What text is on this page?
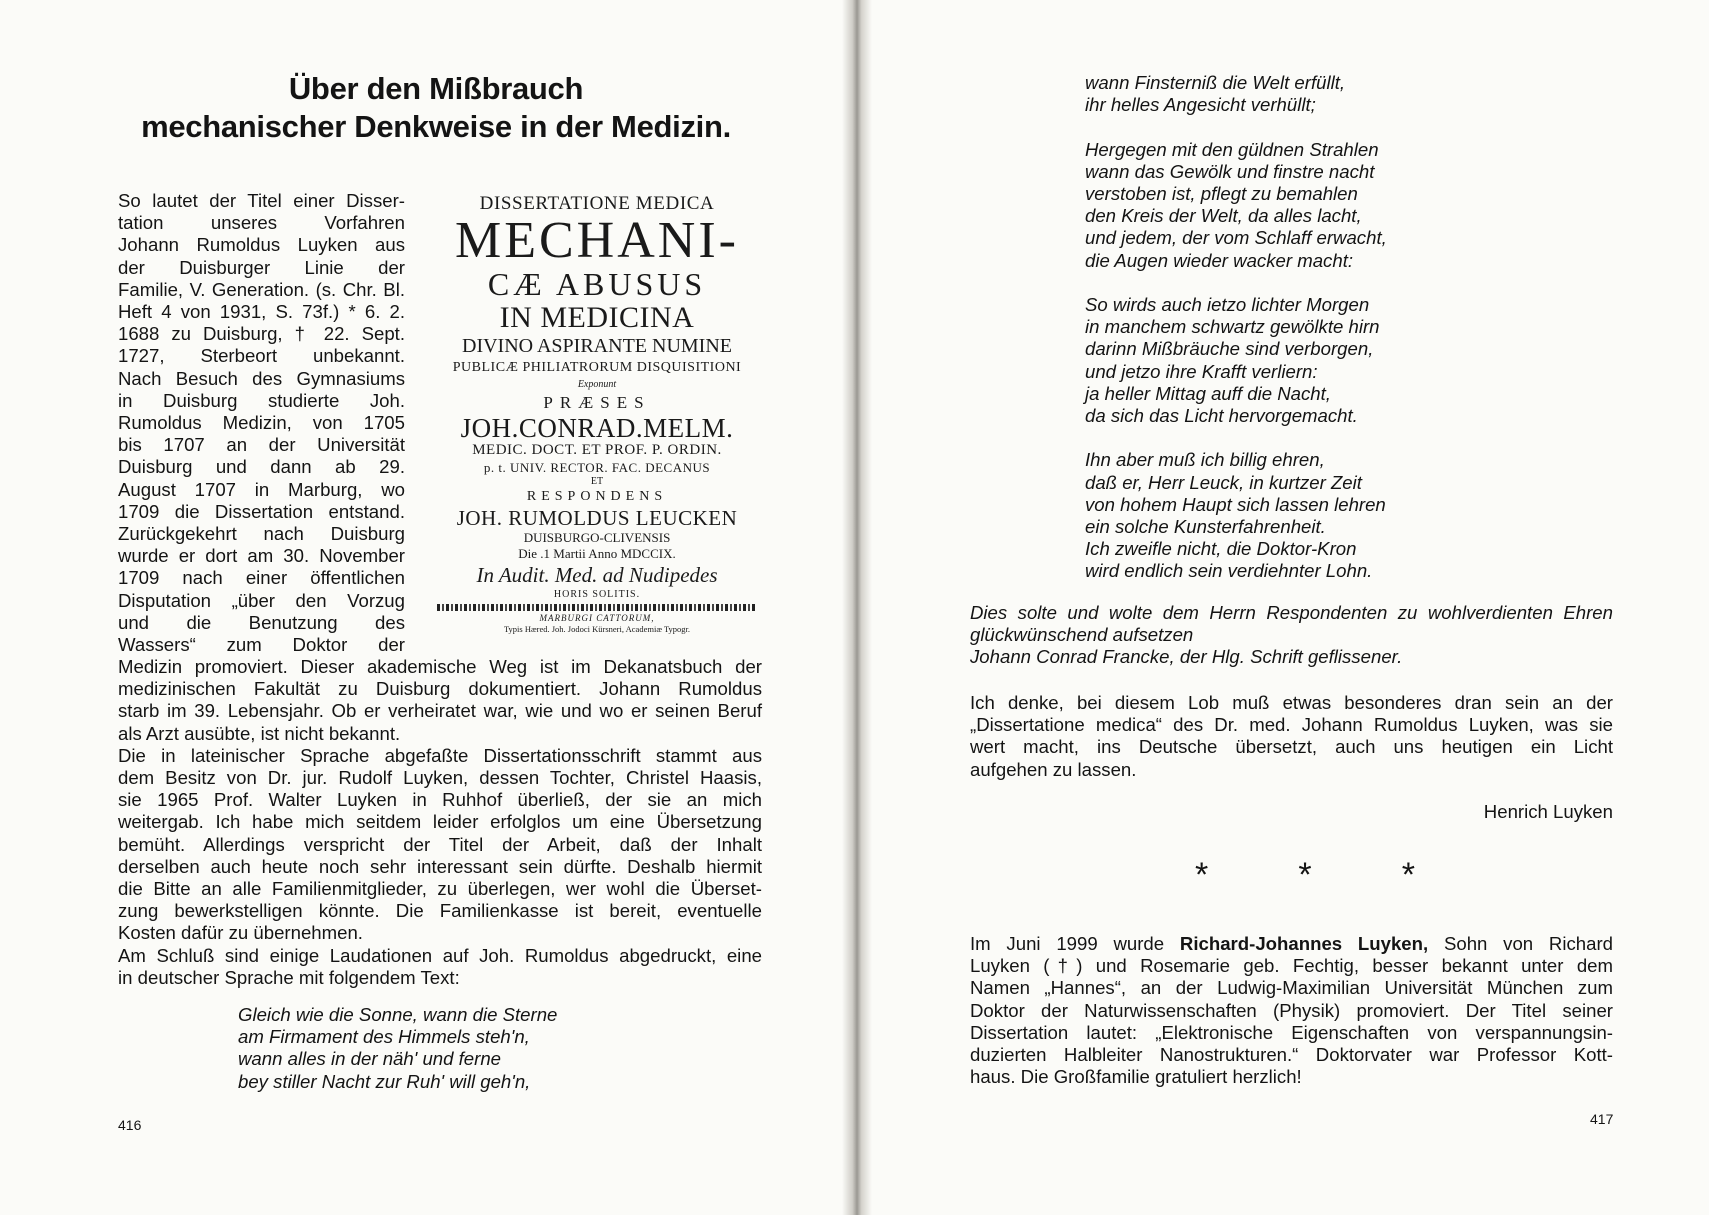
Über den Mißbrauch
mechanischer Denkweise in der Medizin.
So lautet der Titel einer Disser-
tation unseres Vorfahren
Johann Rumoldus Luyken aus
der Duisburger Linie der
Familie, V. Generation. (s. Chr. Bl.
Heft 4 von 1931, S. 73f.) * 6. 2.
1688 zu Duisburg, † 22. Sept.
1727, Sterbeort unbekannt.
Nach Besuch des Gymnasiums
in Duisburg studierte Joh.
Rumoldus Medizin, von 1705
bis 1707 an der Universität
Duisburg und dann ab 29.
August 1707 in Marburg, wo
1709 die Dissertation entstand.
Zurückgekehrt nach Duisburg
wurde er dort am 30. November
1709 nach einer öffentlichen
Disputation „über den Vorzug
und die Benutzung des
Wassers“ zum Doktor der
DISSERTATIONE MEDICA
MECHANI-
CÆ ABUSUS
IN MEDICINA
DIVINO ASPIRANTE NUMINE
PUBLICÆ PHILIATRORUM DISQUISITIONI
Exponunt
PRÆSES
JOH.CONRAD.MELM.
MEDIC. DOCT. ET PROF. P. ORDIN.
p. t. UNIV. RECTOR. FAC. DECANUS
ET
RESPONDENS
JOH. RUMOLDUS LEUCKEN
DUISBURGO-CLIVENSIS
Die .1 Martii Anno MDCCIX.
In Audit. Med. ad Nudipedes
HORIS SOLITIS.
MARBURGI CATTORUM,
Typis Hæred. Joh. Jodoci Kürsneri, Academiæ Typogr.
Medizin promoviert. Dieser akademische Weg ist im Dekanatsbuch der
medizinischen Fakultät zu Duisburg dokumentiert. Johann Rumoldus
starb im 39. Lebensjahr. Ob er verheiratet war, wie und wo er seinen Beruf
als Arzt ausübte, ist nicht bekannt.
Die in lateinischer Sprache abgefaßte Dissertationsschrift stammt aus
dem Besitz von Dr. jur. Rudolf Luyken, dessen Tochter, Christel Haasis,
sie 1965 Prof. Walter Luyken in Ruhhof überließ, der sie an mich
weitergab. Ich habe mich seitdem leider erfolglos um eine Übersetzung
bemüht. Allerdings verspricht der Titel der Arbeit, daß der Inhalt
derselben auch heute noch sehr interessant sein dürfte. Deshalb hiermit
die Bitte an alle Familienmitglieder, zu überlegen, wer wohl die Überset-
zung bewerkstelligen könnte. Die Familienkasse ist bereit, eventuelle
Kosten dafür zu übernehmen.
Am Schluß sind einige Laudationen auf Joh. Rumoldus abgedruckt, eine
in deutscher Sprache mit folgendem Text:
Gleich wie die Sonne, wann die Sterne
am Firmament des Himmels steh'n,
wann alles in der näh' und ferne
bey stiller Nacht zur Ruh' will geh'n,
416
wann Finsterniß die Welt erfüllt,
ihr helles Angesicht verhüllt;
Hergegen mit den güldnen Strahlen
wann das Gewölk und finstre nacht
verstoben ist, pflegt zu bemahlen
den Kreis der Welt, da alles lacht,
und jedem, der vom Schlaff erwacht,
die Augen wieder wacker macht:
So wirds auch ietzo lichter Morgen
in manchem schwartz gewölkte hirn
darinn Mißbräuche sind verborgen,
und jetzo ihre Krafft verliern:
ja heller Mittag auff die Nacht,
da sich das Licht hervorgemacht.
Ihn aber muß ich billig ehren,
daß er, Herr Leuck, in kurtzer Zeit
von hohem Haupt sich lassen lehren
ein solche Kunsterfahrenheit.
Ich zweifle nicht, die Doktor-Kron
wird endlich sein verdiehnter Lohn.
Dies solte und wolte dem Herrn Respondenten zu wohlverdienten Ehren
glückwünschend aufsetzen
Johann Conrad Francke, der Hlg. Schrift geflissener.
Ich denke, bei diesem Lob muß etwas besonderes dran sein an der
„Dissertatione medica“ des Dr. med. Johann Rumoldus Luyken, was sie
wert macht, ins Deutsche übersetzt, auch uns heutigen ein Licht
aufgehen zu lassen.
Henrich Luyken
*	*	*
Im Juni 1999 wurde Richard-Johannes Luyken, Sohn von Richard
Luyken (†) und Rosemarie geb. Fechtig, besser bekannt unter dem
Namen „Hannes“, an der Ludwig-Maximilian Universität München zum
Doktor der Naturwissenschaften (Physik) promoviert. Der Titel seiner
Dissertation lautet: „Elektronische Eigenschaften von verspannungsin-
duzierten Halbleiter Nanostrukturen.“ Doktorvater war Professor Kott-
haus. Die Großfamilie gratuliert herzlich!
417
